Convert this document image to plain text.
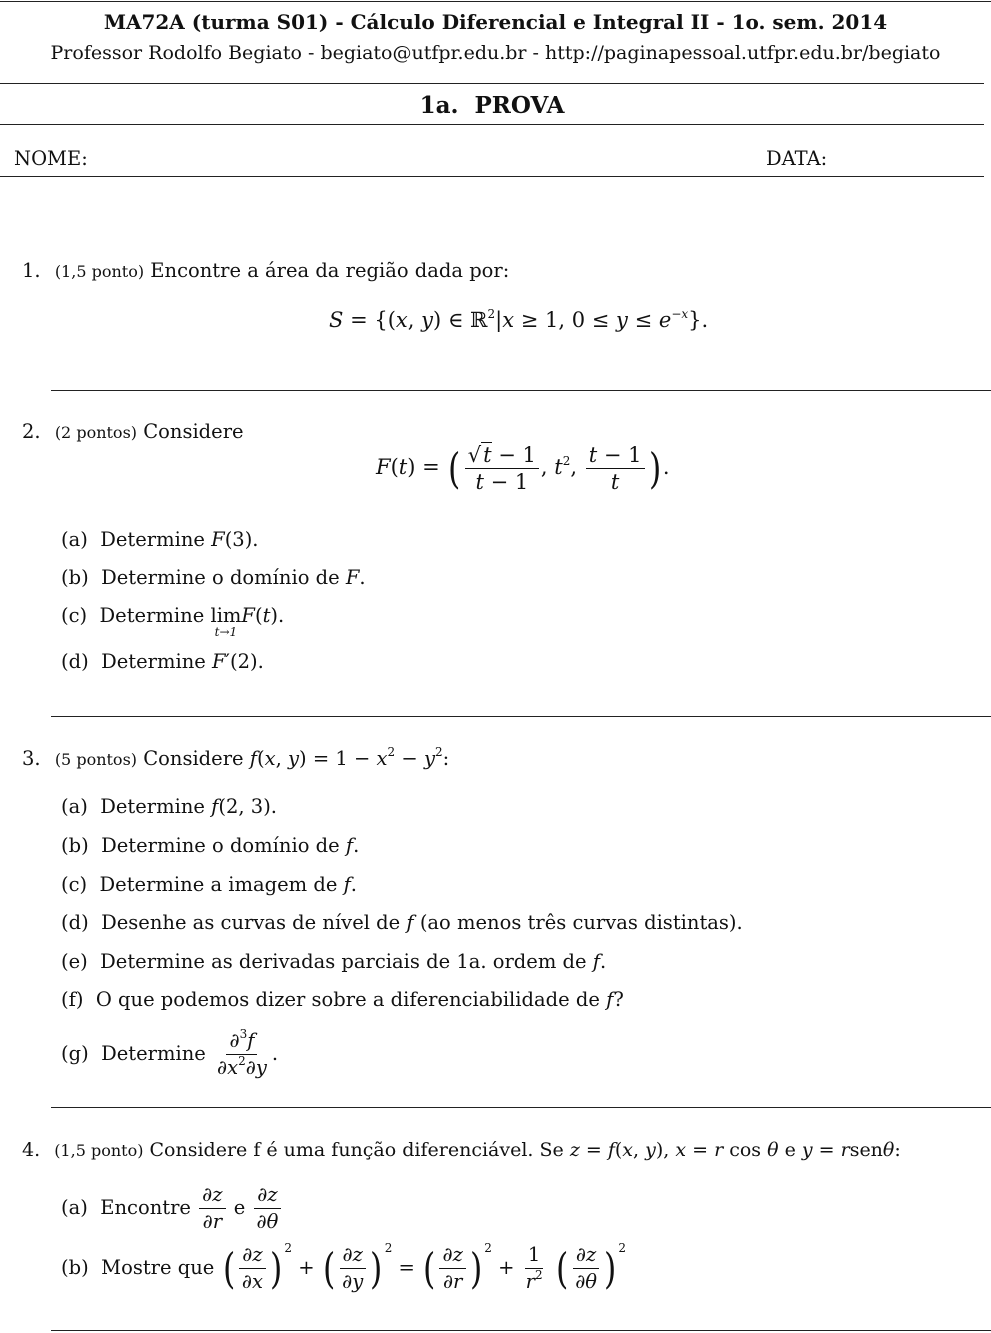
MA72A (turma S01) - Cálculo Diferencial e Integral II - 1o. sem. 2014
Professor Rodolfo Begiato - begiato@utfpr.edu.br - http://paginapessoal.utfpr.edu.br/begiato
1a.  PROVA
NOME:	DATA:
1. (1,5 ponto) Encontre a área da região dada por:
S = {(x, y) ∈ ℝ$^2$|x ≥ 1, $0 \le y \le e^{-x}$}.
2. (2 pontos) Considere
F(t) = ( $\frac{√t - 1}{t - 1}$ , $t^2$, $\frac{t - 1}{t}$ ).
(a) Determine F(3).
(b) Determine o domínio de F.
(c) Determine lim
t→1
F(t).
(d) Determine F′(2).
3. (5 pontos) Considere f(x, $y) = 1 - x^2 - y^2$:
(a) Determine f(2, 3).
(b) Determine o domínio de f.
(c) Determine a imagem de f.
(d) Desenhe as curvas de nível de f (ao menos três curvas distintas).
(e) Determine as derivadas parciais de 1a. ordem de f.
(f) O que podemos dizer sobre a diferenciabilidade de f?
(g) Determine $\frac{\partial^3f}{\partial x^2\partial y}$ .
4. (1,5 ponto) Considere f é uma função diferenciável. Se z = f(x, y), x = r cos θ e y = rsenθ:
(a) Encontre $\frac{\partial z}{\partial r}$ e $\frac{\partial z}{\partial\theta}$
(b) Mostre que ( $\frac{\partial z}{\partial x}$ ) $^2$ + ( $\frac{\partial z}{\partial y}$ ) $^2$ = ( $\frac{\partial z}{\partial r}$ ) $^2 + \frac{1}{r^2}$ ( $\frac{\partial z}{\partial\theta}$ ) $^2$
